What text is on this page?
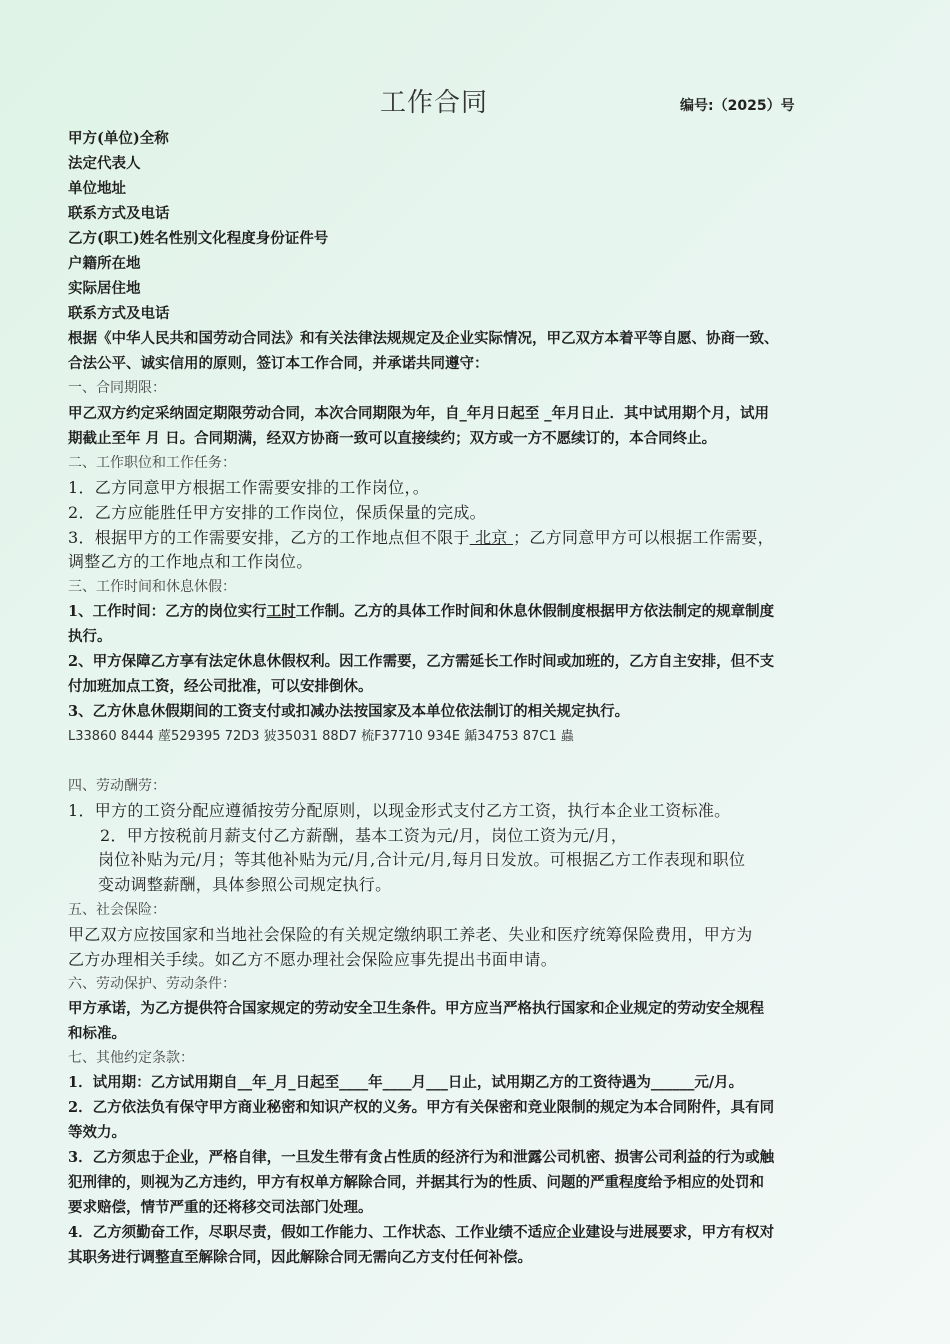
工作合同	编号:（2025）号

甲方(单位)全称

法定代表人

单位地址

联系方式及电话

乙方(职工)姓名性别文化程度身份证件号

户籍所在地

实际居住地

联系方式及电话

根据《中华人民共和国劳动合同法》和有关法律法规规定及企业实际情况，甲乙双方本着平等自愿、协商一致、

合法公平、诚实信用的原则，签订本工作合同，并承诺共同遵守：

一、合同期限：

甲乙双方约定采纳固定期限劳动合同，本次合同期限为年，自_年月日起至 _年月日止．其中试用期个月，试用

期截止至年 月 日。合同期满，经双方协商一致可以直接续约；双方或一方不愿续订的，本合同终止。

二、工作职位和工作任务：

1．乙方同意甲方根据工作需要安排的工作岗位，。

2．乙方应能胜任甲方安排的工作岗位，保质保量的完成。

3．根据甲方的工作需要安排，乙方的工作地点但不限于 北京 ；乙方同意甲方可以根据工作需要，

调整乙方的工作地点和工作岗位。

三、工作时间和休息休假：

1、工作时间：乙方的岗位实行工时工作制。乙方的具体工作时间和休息休假制度根据甲方依法制定的规章制度

执行。

2、甲方保障乙方享有法定休息休假权利。因工作需要，乙方需延长工作时间或加班的，乙方自主安排，但不支

付加班加点工资，经公司批准，可以安排倒休。

3、乙方休息休假期间的工资支付或扣减办法按国家及本单位依法制订的相关规定执行。

L33860 8444 蓙529395 72D3 狓35031 88D7 梳F37710 934E 鍎34753 87C1 蟲

四、劳动酬劳：

1．甲方的工资分配应遵循按劳分配原则，以现金形式支付乙方工资，执行本企业工资标准。

2．甲方按税前月薪支付乙方薪酬，基本工资为元/月，岗位工资为元/月，

岗位补贴为元/月；等其他补贴为元/月,合计元/月,每月日发放。可根据乙方工作表现和职位

变动调整薪酬，具体参照公司规定执行。

五、社会保险：

甲乙双方应按国家和当地社会保险的有关规定缴纳职工养老、失业和医疗统筹保险费用，甲方为

乙方办理相关手续。如乙方不愿办理社会保险应事先提出书面申请。

六、劳动保护、劳动条件：

甲方承诺，为乙方提供符合国家规定的劳动安全卫生条件。甲方应当严格执行国家和企业规定的劳动安全规程

和标准。

七、其他约定条款：

1．试用期：乙方试用期自__年_月_日起至____年____月___日止，试用期乙方的工资待遇为______元/月。

2．乙方依法负有保守甲方商业秘密和知识产权的义务。甲方有关保密和竞业限制的规定为本合同附件，具有同

等效力。

3．乙方须忠于企业，严格自律，一旦发生带有贪占性质的经济行为和泄露公司机密、损害公司利益的行为或触

犯刑律的，则视为乙方违约，甲方有权单方解除合同，并据其行为的性质、问题的严重程度给予相应的处罚和

要求赔偿，情节严重的还将移交司法部门处理。

4．乙方须勤奋工作，尽职尽责，假如工作能力、工作状态、工作业绩不适应企业建设与进展要求，甲方有权对

其职务进行调整直至解除合同，因此解除合同无需向乙方支付任何补偿。
